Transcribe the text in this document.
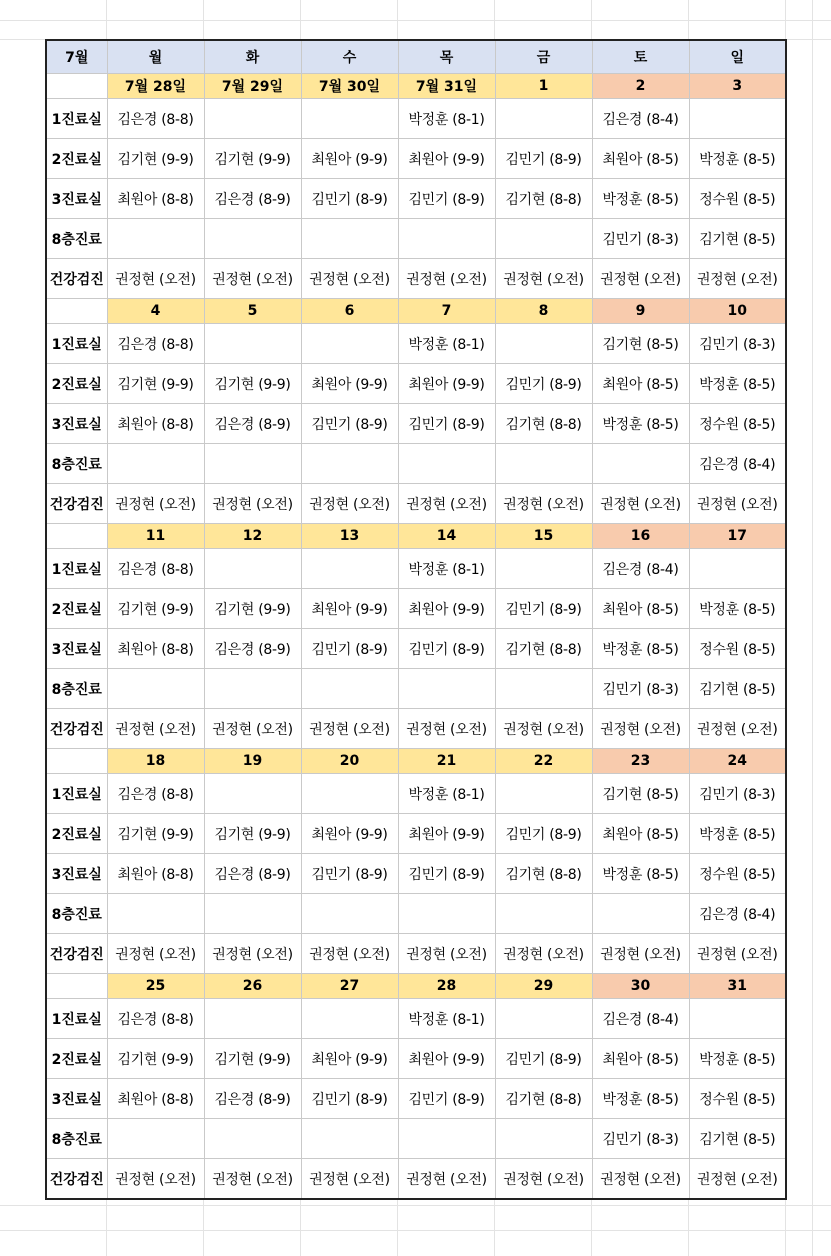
7월	월	화	수	목	금	토	일
	7월 28일	7월 29일	7월 30일	7월 31일	1	2	3
1진료실	김은경 (8-8)			박정훈 (8-1)		김은경 (8-4)	
2진료실	김기현 (9-9)	김기현 (9-9)	최원아 (9-9)	최원아 (9-9)	김민기 (8-9)	최원아 (8-5)	박정훈 (8-5)
3진료실	최원아 (8-8)	김은경 (8-9)	김민기 (8-9)	김민기 (8-9)	김기현 (8-8)	박정훈 (8-5)	정수원 (8-5)
8층진료						김민기 (8-3)	김기현 (8-5)
건강검진	권정현 (오전)	권정현 (오전)	권정현 (오전)	권정현 (오전)	권정현 (오전)	권정현 (오전)	권정현 (오전)
	4	5	6	7	8	9	10
1진료실	김은경 (8-8)			박정훈 (8-1)		김기현 (8-5)	김민기 (8-3)
2진료실	김기현 (9-9)	김기현 (9-9)	최원아 (9-9)	최원아 (9-9)	김민기 (8-9)	최원아 (8-5)	박정훈 (8-5)
3진료실	최원아 (8-8)	김은경 (8-9)	김민기 (8-9)	김민기 (8-9)	김기현 (8-8)	박정훈 (8-5)	정수원 (8-5)
8층진료							김은경 (8-4)
건강검진	권정현 (오전)	권정현 (오전)	권정현 (오전)	권정현 (오전)	권정현 (오전)	권정현 (오전)	권정현 (오전)
	11	12	13	14	15	16	17
1진료실	김은경 (8-8)			박정훈 (8-1)		김은경 (8-4)	
2진료실	김기현 (9-9)	김기현 (9-9)	최원아 (9-9)	최원아 (9-9)	김민기 (8-9)	최원아 (8-5)	박정훈 (8-5)
3진료실	최원아 (8-8)	김은경 (8-9)	김민기 (8-9)	김민기 (8-9)	김기현 (8-8)	박정훈 (8-5)	정수원 (8-5)
8층진료						김민기 (8-3)	김기현 (8-5)
건강검진	권정현 (오전)	권정현 (오전)	권정현 (오전)	권정현 (오전)	권정현 (오전)	권정현 (오전)	권정현 (오전)
	18	19	20	21	22	23	24
1진료실	김은경 (8-8)			박정훈 (8-1)		김기현 (8-5)	김민기 (8-3)
2진료실	김기현 (9-9)	김기현 (9-9)	최원아 (9-9)	최원아 (9-9)	김민기 (8-9)	최원아 (8-5)	박정훈 (8-5)
3진료실	최원아 (8-8)	김은경 (8-9)	김민기 (8-9)	김민기 (8-9)	김기현 (8-8)	박정훈 (8-5)	정수원 (8-5)
8층진료							김은경 (8-4)
건강검진	권정현 (오전)	권정현 (오전)	권정현 (오전)	권정현 (오전)	권정현 (오전)	권정현 (오전)	권정현 (오전)
	25	26	27	28	29	30	31
1진료실	김은경 (8-8)			박정훈 (8-1)		김은경 (8-4)	
2진료실	김기현 (9-9)	김기현 (9-9)	최원아 (9-9)	최원아 (9-9)	김민기 (8-9)	최원아 (8-5)	박정훈 (8-5)
3진료실	최원아 (8-8)	김은경 (8-9)	김민기 (8-9)	김민기 (8-9)	김기현 (8-8)	박정훈 (8-5)	정수원 (8-5)
8층진료						김민기 (8-3)	김기현 (8-5)
건강검진	권정현 (오전)	권정현 (오전)	권정현 (오전)	권정현 (오전)	권정현 (오전)	권정현 (오전)	권정현 (오전)
